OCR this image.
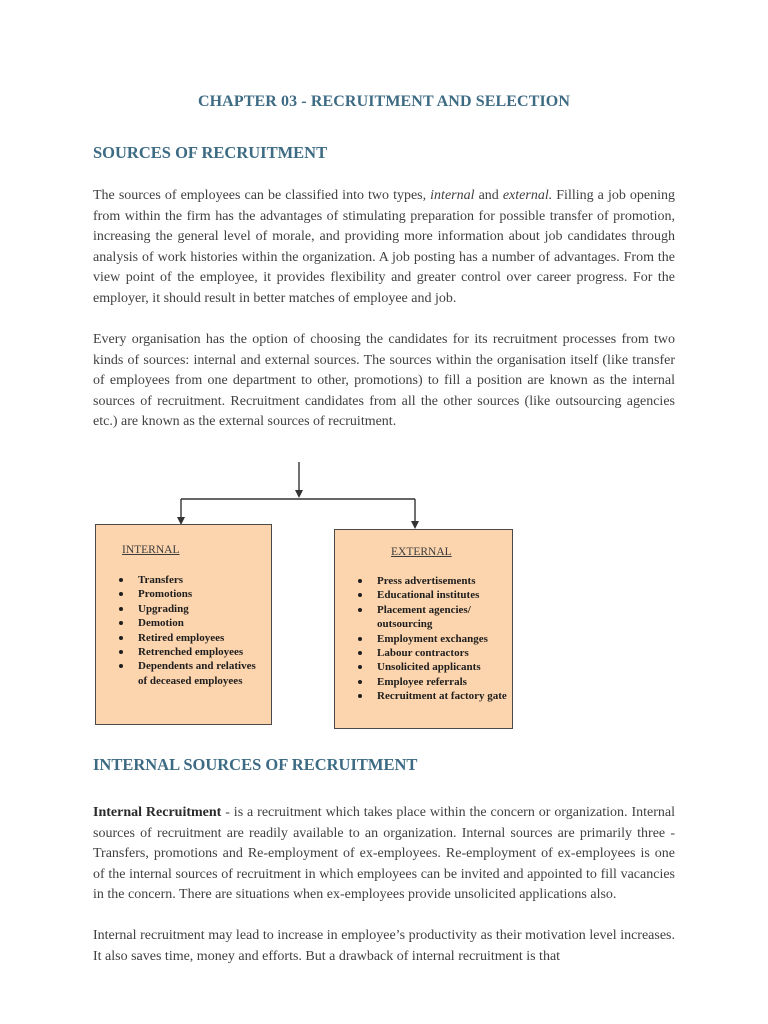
CHAPTER 03 - RECRUITMENT AND SELECTION
SOURCES OF RECRUITMENT

The sources of employees can be classified into two types, internal and external. Filling a job opening from within the firm has the advantages of stimulating preparation for possible transfer of promotion, increasing the general level of morale, and providing more information about job candidates through analysis of work histories within the organization. A job posting has a number of advantages. From the view point of the employee, it provides flexibility and greater control over career progress. For the employer, it should result in better matches of employee and job.

Every organisation has the option of choosing the candidates for its recruitment processes from two kinds of sources: internal and external sources. The sources within the organisation itself (like transfer of employees from one department to other, promotions) to fill a position are known as the internal sources of recruitment. Recruitment candidates from all the other sources (like outsourcing agencies etc.) are known as the external sources of recruitment.

INTERNAL
Transfers
Promotions
Upgrading
Demotion
Retired employees
Retrenched employees
Dependents and relatives of deceased employees
EXTERNAL
Press advertisements
Educational institutes
Placement agencies/ outsourcing
Employment exchanges
Labour contractors
Unsolicited applicants
Employee referrals
Recruitment at factory gate
INTERNAL SOURCES OF RECRUITMENT

Internal Recruitment - is a recruitment which takes place within the concern or organization. Internal sources of recruitment are readily available to an organization. Internal sources are primarily three - Transfers, promotions and Re-employment of ex-employees. Re-employment of ex-employees is one of the internal sources of recruitment in which employees can be invited and appointed to fill vacancies in the concern. There are situations when ex-employees provide unsolicited applications also.

Internal recruitment may lead to increase in employee’s productivity as their motivation level increases. It also saves time, money and efforts. But a drawback of internal recruitment is that
